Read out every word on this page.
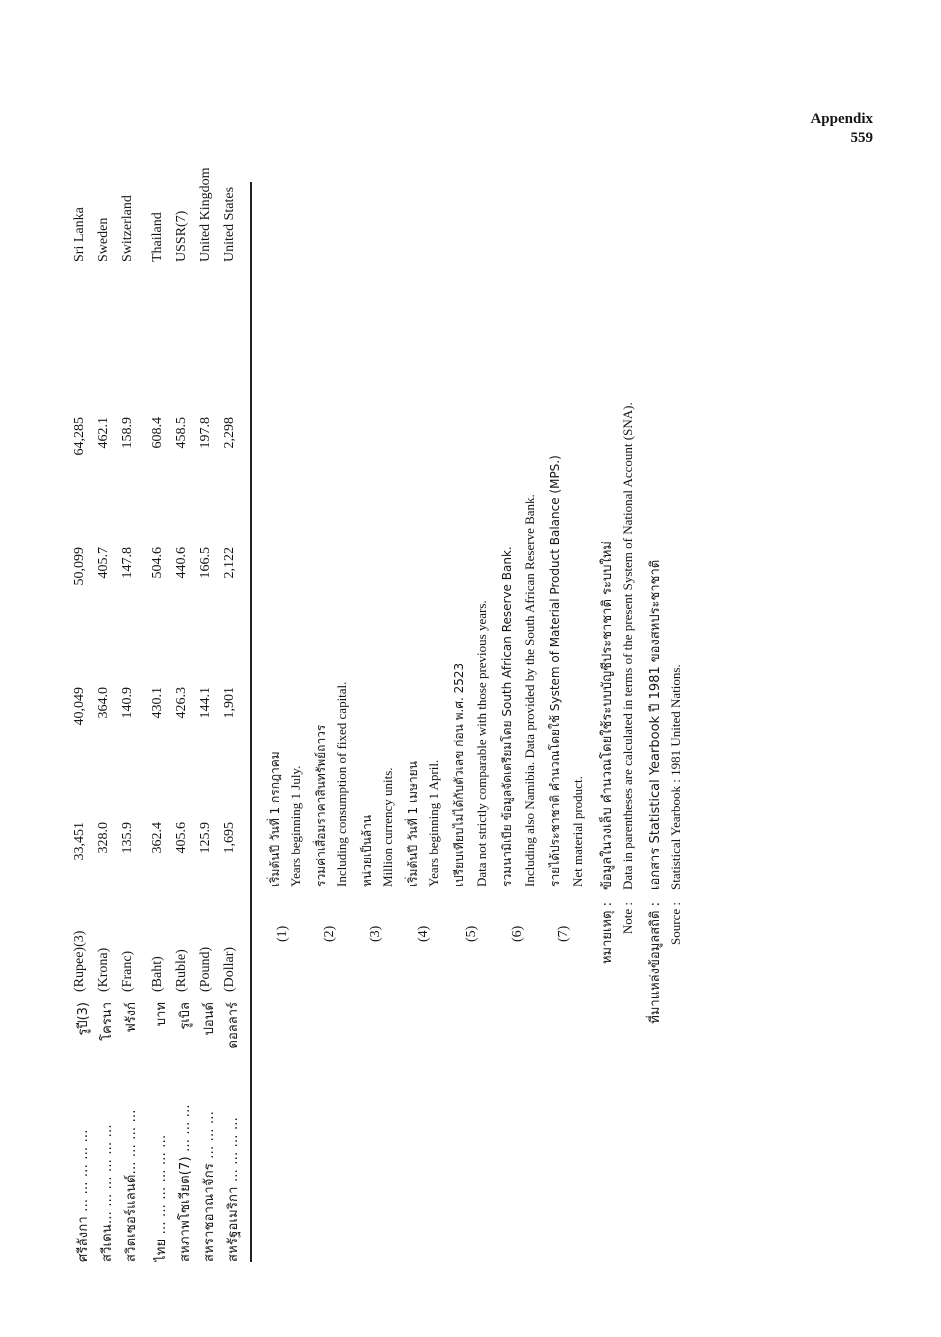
Appendix
559
ศรีลังกา ... ... ... ... ...
รูปี(3)
(Rupee)(3)
33,451
40,049
50,099
64,285
Sri Lanka
สวีเดน... ... ... ... ... ...
โครนา
(Krona)
328.0
364.0
405.7
462.1
Sweden
สวิตเซอร์แลนด์... ... ... ...
ฟรังก์
(Franc)
135.9
140.9
147.8
158.9
Switzerland
ไทย ... ... ... ... ... ...
บาท
(Baht)
362.4
430.1
504.6
608.4
Thailand
สหภาพโซเวียต(7) ... ... ...
รูเบิล
(Ruble)
405.6
426.3
440.6
458.5
USSR(7)
สหราชอาณาจักร ... ... ...
ปอนด์
(Pound)
125.9
144.1
166.5
197.8
United Kingdom
สหรัฐอเมริกา ... ... ... ...
ดอลลาร์
(Dollar)
1,695
1,901
2,122
2,298
United States
(1)
เริ่มต้นปี วันที่ 1 กรกฎาคม Years beginning 1 July.
(2)
รวมค่าเสื่อมราคาสินทรัพย์ถาวร Including consumption of fixed capital.
(3)
หน่วยเป็นล้าน Million currency units.
(4)
เริ่มต้นปี วันที่ 1 เมษายน Years beginning 1 April.
(5)
เปรียบเทียบไม่ได้กับตัวเลข ก่อน พ.ศ. 2523 Data not strictly comparable with those previous years.
(6)
รวมนามิเบีย ข้อมูลจัดเตรียมโดย South African Reserve Bank. Including also Namibia. Data provided by the South African Reserve Bank.
(7)
รายได้ประชาชาติ คำนวณโดยใช้ System of Material Product Balance (MPS.) Net material product.
หมายเหตุ :
ข้อมูลในวงเล็บ คำนวณโดยใช้ระบบบัญชีประชาชาติ ระบบใหม่
Note :
Data in parentheses are calculated in terms of the present System of National Account (SNA).
ที่มาแหล่งข้อมูลสถิติ :
เอกสาร Statistical Yearbook ปี 1981 ของสหประชาชาติ
Source :
Statistical Yearbook : 1981 United Nations.
